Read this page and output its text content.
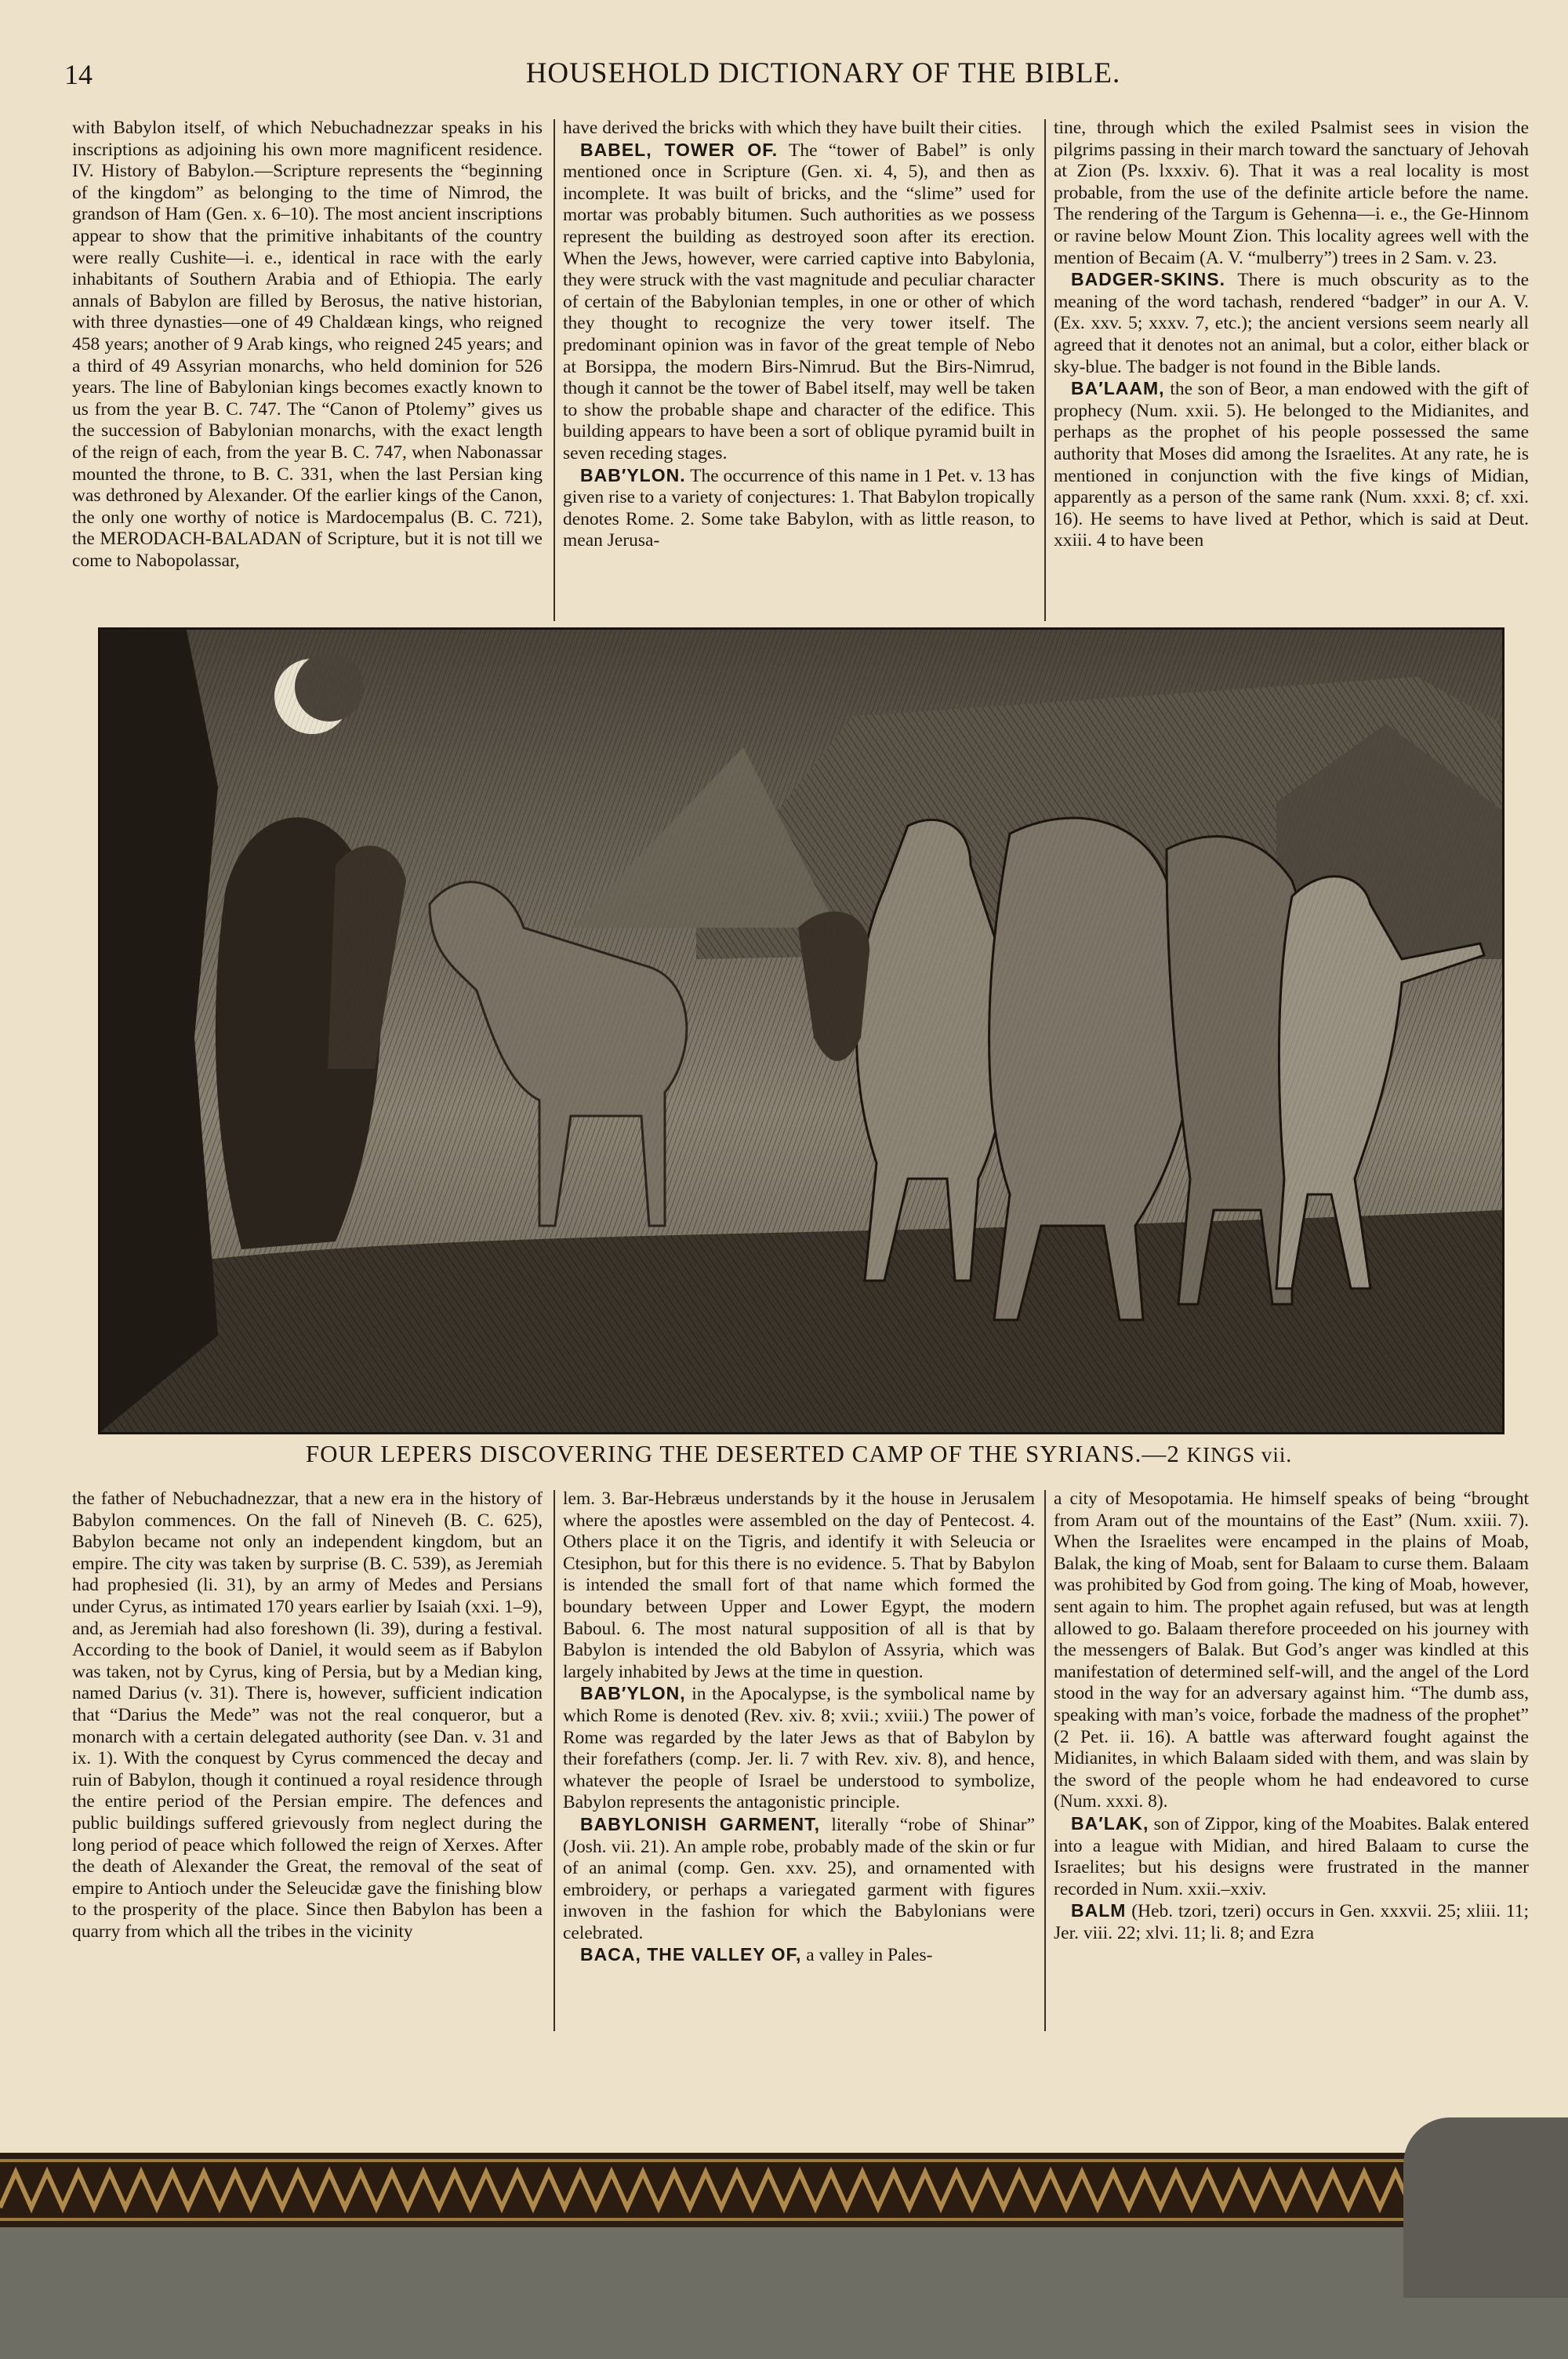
14	HOUSEHOLD DICTIONARY OF THE BIBLE.

with Babylon itself, of which Nebuchadnezzar speaks in his inscriptions as adjoining his own more magnificent residence. IV. History of Babylon.—Scripture represents the “beginning of the kingdom” as belonging to the time of Nimrod, the grandson of Ham (Gen. x. 6–10). The most ancient inscriptions appear to show that the primitive inhabitants of the country were really Cushite—i. e., identical in race with the early inhabitants of Southern Arabia and of Ethiopia. The early annals of Babylon are filled by Berosus, the native historian, with three dynasties—one of 49 Chaldæan kings, who reigned 458 years; another of 9 Arab kings, who reigned 245 years; and a third of 49 Assyrian monarchs, who held dominion for 526 years. The line of Babylonian kings becomes exactly known to us from the year B. C. 747. The “Canon of Ptolemy” gives us the succession of Babylonian monarchs, with the exact length of the reign of each, from the year B. C. 747, when Nabonassar mounted the throne, to B. C. 331, when the last Persian king was dethroned by Alexander. Of the earlier kings of the Canon, the only one worthy of notice is Mardocempalus (B. C. 721), the MERODACH-BALADAN of Scripture, but it is not till we come to Nabopolassar,

have derived the bricks with which they have built their cities.

BABEL, TOWER OF. The “tower of Babel” is only mentioned once in Scripture (Gen. xi. 4, 5), and then as incomplete. It was built of bricks, and the “slime” used for mortar was probably bitumen. Such authorities as we possess represent the building as destroyed soon after its erection. When the Jews, however, were carried captive into Babylonia, they were struck with the vast magnitude and peculiar character of certain of the Babylonian temples, in one or other of which they thought to recognize the very tower itself. The predominant opinion was in favor of the great temple of Nebo at Borsippa, the modern Birs-Nimrud. But the Birs-Nimrud, though it cannot be the tower of Babel itself, may well be taken to show the probable shape and character of the edifice. This building appears to have been a sort of oblique pyramid built in seven receding stages.

BAB′YLON. The occurrence of this name in 1 Pet. v. 13 has given rise to a variety of conjectures: 1. That Babylon tropically denotes Rome. 2. Some take Babylon, with as little reason, to mean Jerusa-

tine, through which the exiled Psalmist sees in vision the pilgrims passing in their march toward the sanctuary of Jehovah at Zion (Ps. lxxxiv. 6). That it was a real locality is most probable, from the use of the definite article before the name. The rendering of the Targum is Gehenna—i. e., the Ge-Hinnom or ravine below Mount Zion. This locality agrees well with the mention of Becaim (A. V. “mulberry”) trees in 2 Sam. v. 23.

BADGER-SKINS. There is much obscurity as to the meaning of the word tachash, rendered “badger” in our A. V. (Ex. xxv. 5; xxxv. 7, etc.); the ancient versions seem nearly all agreed that it denotes not an animal, but a color, either black or sky-blue. The badger is not found in the Bible lands.

BA′LAAM, the son of Beor, a man endowed with the gift of prophecy (Num. xxii. 5). He belonged to the Midianites, and perhaps as the prophet of his people possessed the same authority that Moses did among the Israelites. At any rate, he is mentioned in conjunction with the five kings of Midian, apparently as a person of the same rank (Num. xxxi. 8; cf. xxi. 16). He seems to have lived at Pethor, which is said at Deut. xxiii. 4 to have been

FOUR LEPERS DISCOVERING THE DESERTED CAMP OF THE SYRIANS.—2 KINGS vii.

the father of Nebuchadnezzar, that a new era in the history of Babylon commences. On the fall of Nineveh (B. C. 625), Babylon became not only an independent kingdom, but an empire. The city was taken by surprise (B. C. 539), as Jeremiah had prophesied (li. 31), by an army of Medes and Persians under Cyrus, as intimated 170 years earlier by Isaiah (xxi. 1–9), and, as Jeremiah had also foreshown (li. 39), during a festival. According to the book of Daniel, it would seem as if Babylon was taken, not by Cyrus, king of Persia, but by a Median king, named Darius (v. 31). There is, however, sufficient indication that “Darius the Mede” was not the real conqueror, but a monarch with a certain delegated authority (see Dan. v. 31 and ix. 1). With the conquest by Cyrus commenced the decay and ruin of Babylon, though it continued a royal residence through the entire period of the Persian empire. The defences and public buildings suffered grievously from neglect during the long period of peace which followed the reign of Xerxes. After the death of Alexander the Great, the removal of the seat of empire to Antioch under the Seleucidæ gave the finishing blow to the prosperity of the place. Since then Babylon has been a quarry from which all the tribes in the vicinity

lem. 3. Bar-Hebræus understands by it the house in Jerusalem where the apostles were assembled on the day of Pentecost. 4. Others place it on the Tigris, and identify it with Seleucia or Ctesiphon, but for this there is no evidence. 5. That by Babylon is intended the small fort of that name which formed the boundary between Upper and Lower Egypt, the modern Baboul. 6. The most natural supposition of all is that by Babylon is intended the old Babylon of Assyria, which was largely inhabited by Jews at the time in question.

BAB′YLON, in the Apocalypse, is the symbolical name by which Rome is denoted (Rev. xiv. 8; xvii.; xviii.) The power of Rome was regarded by the later Jews as that of Babylon by their forefathers (comp. Jer. li. 7 with Rev. xiv. 8), and hence, whatever the people of Israel be understood to symbolize, Babylon represents the antagonistic principle.

BABYLONISH GARMENT, literally “robe of Shinar” (Josh. vii. 21). An ample robe, probably made of the skin or fur of an animal (comp. Gen. xxv. 25), and ornamented with embroidery, or perhaps a variegated garment with figures inwoven in the fashion for which the Babylonians were celebrated.

BACA, THE VALLEY OF, a valley in Pales-

a city of Mesopotamia. He himself speaks of being “brought from Aram out of the mountains of the East” (Num. xxiii. 7). When the Israelites were encamped in the plains of Moab, Balak, the king of Moab, sent for Balaam to curse them. Balaam was prohibited by God from going. The king of Moab, however, sent again to him. The prophet again refused, but was at length allowed to go. Balaam therefore proceeded on his journey with the messengers of Balak. But God’s anger was kindled at this manifestation of determined self-will, and the angel of the Lord stood in the way for an adversary against him. “The dumb ass, speaking with man’s voice, forbade the madness of the prophet” (2 Pet. ii. 16). A battle was afterward fought against the Midianites, in which Balaam sided with them, and was slain by the sword of the people whom he had endeavored to curse (Num. xxxi. 8).

BA′LAK, son of Zippor, king of the Moabites. Balak entered into a league with Midian, and hired Balaam to curse the Israelites; but his designs were frustrated in the manner recorded in Num. xxii.–xxiv.

BALM (Heb. tzori, tzeri) occurs in Gen. xxxvii. 25; xliii. 11; Jer. viii. 22; xlvi. 11; li. 8; and Ezra
